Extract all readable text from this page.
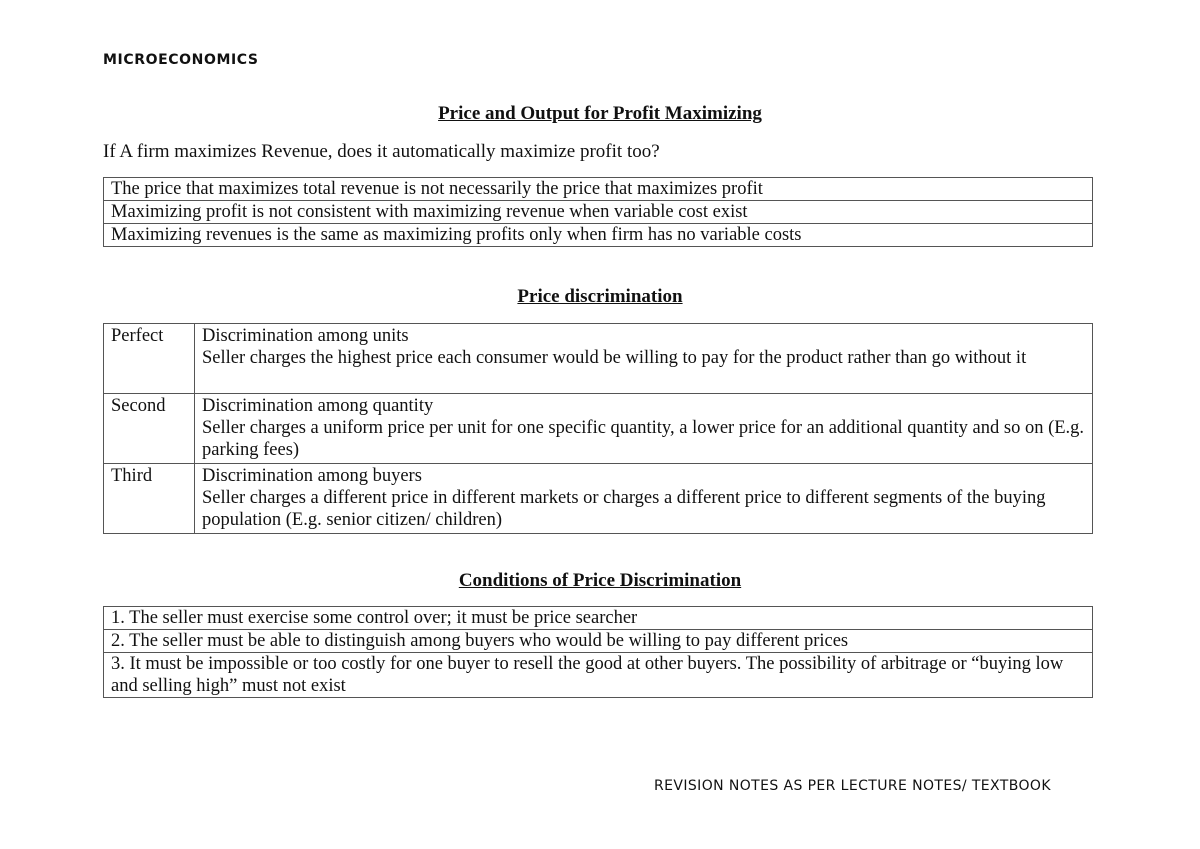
MICROECONOMICS
Price and Output for Profit Maximizing
If A firm maximizes Revenue, does it automatically maximize profit too?
The price that maximizes total revenue is not necessarily the price that maximizes profit
Maximizing profit is not consistent with maximizing revenue when variable cost exist
Maximizing revenues is the same as maximizing profits only when firm has no variable costs
Price discrimination
Perfect	Discrimination among units
Seller charges the highest price each consumer would be willing to pay for the product rather than go without it

Second	Discrimination among quantity
Seller charges a uniform price per unit for one specific quantity, a lower price for an additional quantity and so on (E.g. parking fees)

Third	Discrimination among buyers
Seller charges a different price in different markets or charges a different price to different segments of the buying population (E.g. senior citizen/ children)
Conditions of Price Discrimination
1. The seller must exercise some control over; it must be price searcher
2. The seller must be able to distinguish among buyers who would be willing to pay different prices
3. It must be impossible or too costly for one buyer to resell the good at other buyers. The possibility of arbitrage or “buying low and selling high” must not exist
REVISION NOTES AS PER LECTURE NOTES/ TEXTBOOK
